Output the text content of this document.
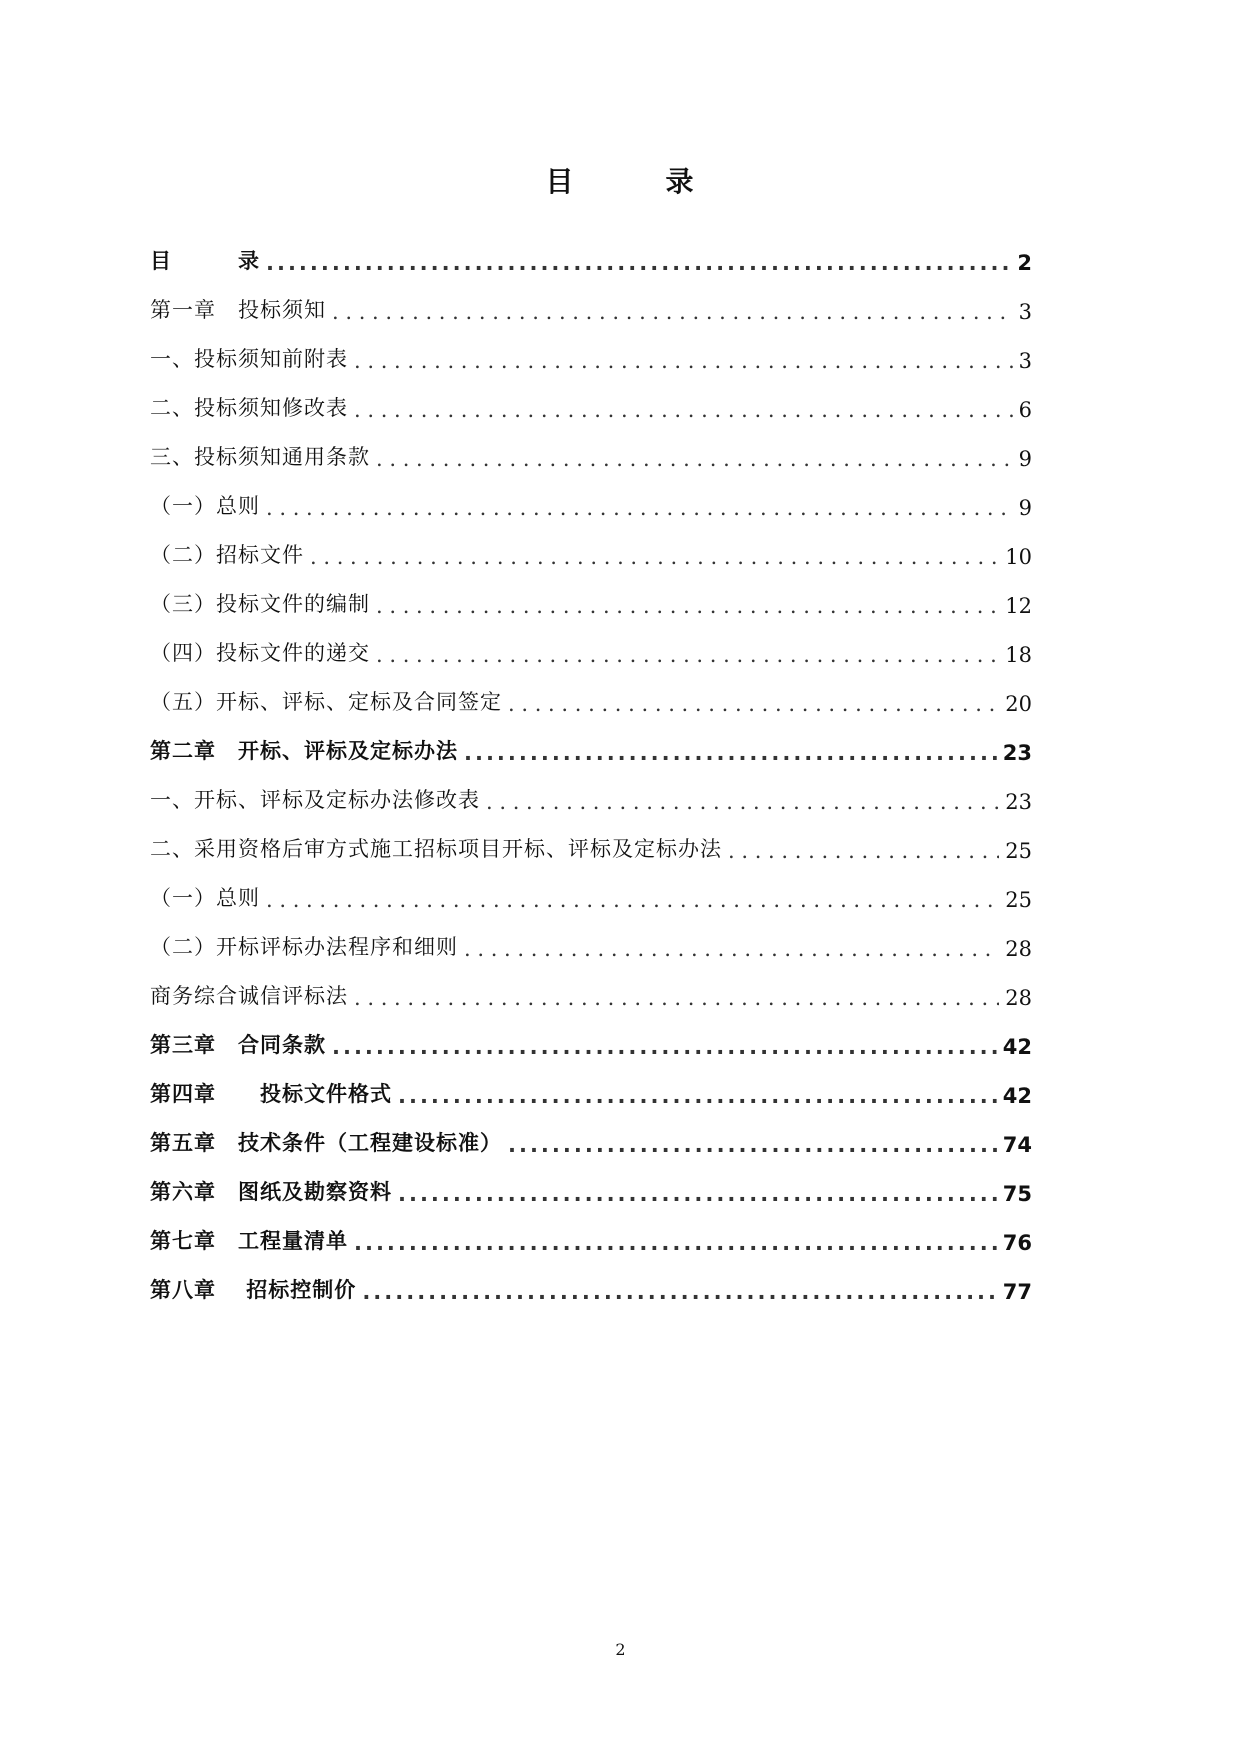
目　　　录
目　　　录 .....	2
第一章　投标须知 . . .	3
一、投标须知前附表 . . .	3
二、投标须知修改表 . . .	6
三、投标须知通用条款 . . .	9
（一）总则 . . .	9
（二）招标文件 . . .	10
（三）投标文件的编制 . . .	12
（四）投标文件的递交 . . .	18
（五）开标、评标、定标及合同签定 . . .	20
第二章　开标、评标及定标办法 .....	23
一、开标、评标及定标办法修改表 . . .	23
二、采用资格后审方式施工招标项目开标、评标及定标办法 . . .	25
（一）总则 . . .	25
（二）开标评标办法程序和细则 . . .	28
商务综合诚信评标法 . . .	28
第三章　合同条款 .....	42
第四章　　投标文件格式 .....	42
第五章　技术条件（工程建设标准） .....	74
第六章　图纸及勘察资料 .....	75
第七章　工程量清单 .....	76
第八章　 招标控制价 .....	77
2
